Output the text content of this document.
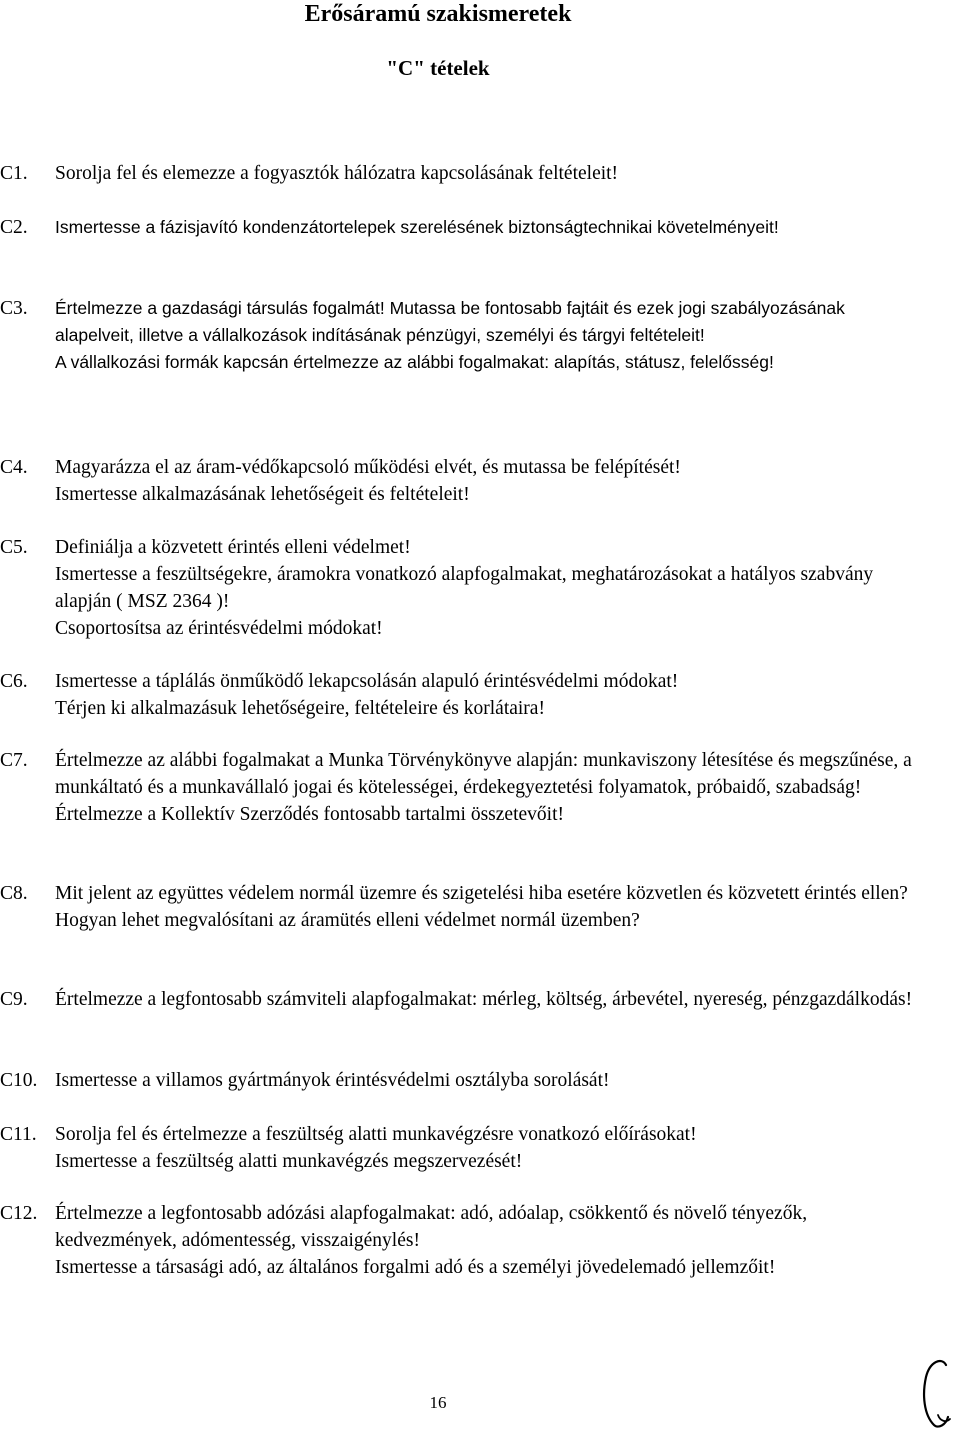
Erősáramú szakismeretek
"C" tételek
C1. Sorolja fel és elemezze a fogyasztók hálózatra kapcsolásának feltételeit!

C2. Ismertesse a fázisjavító kondenzátortelepek szerelésének biztonságtechnikai követelményeit!

C3. Értelmezze a gazdasági társulás fogalmát! Mutassa be fontosabb fajtáit és ezek jogi szabályozásának alapelveit, illetve a vállalkozások indításának pénzügyi, személyi és tárgyi feltételeit!

A vállalkozási formák kapcsán értelmezze az alábbi fogalmakat: alapítás, státusz, felelősség!

C4. Magyarázza el az áram-védőkapcsoló működési elvét, és mutassa be felépítését!

Ismertesse alkalmazásának lehetőségeit és feltételeit!

C5. Definiálja a közvetett érintés elleni védelmet!

Ismertesse a feszültségekre, áramokra vonatkozó alapfogalmakat, meghatározásokat a hatályos szabvány alapján ( MSZ 2364 )!

Csoportosítsa az érintésvédelmi módokat!

C6. Ismertesse a táplálás önműködő lekapcsolásán alapuló érintésvédelmi módokat!

Térjen ki alkalmazásuk lehetőségeire, feltételeire és korlátaira!

C7. Értelmezze az alábbi fogalmakat a Munka Törvénykönyve alapján: munkaviszony létesítése és megszűnése, a munkáltató és a munkavállaló jogai és kötelességei, érdekegyeztetési folyamatok, próbaidő, szabadság!

Értelmezze a Kollektív Szerződés fontosabb tartalmi összetevőit!

C8. Mit jelent az együttes védelem normál üzemre és szigetelési hiba esetére közvetlen és közvetett érintés ellen?

Hogyan lehet megvalósítani az áramütés elleni védelmet normál üzemben?

C9. Értelmezze a legfontosabb számviteli alapfogalmakat: mérleg, költség, árbevétel, nyereség, pénzgazdálkodás!

C10. Ismertesse a villamos gyártmányok érintésvédelmi osztályba sorolását!

C11. Sorolja fel és értelmezze a feszültség alatti munkavégzésre vonatkozó előírásokat!

Ismertesse a feszültség alatti munkavégzés megszervezését!

C12. Értelmezze a legfontosabb adózási alapfogalmakat: adó, adóalap, csökkentő és növelő tényezők, kedvezmények, adómentesség, visszaigénylés!

Ismertesse a társasági adó, az általános forgalmi adó és a személyi jövedelemadó jellemzőit!

16
